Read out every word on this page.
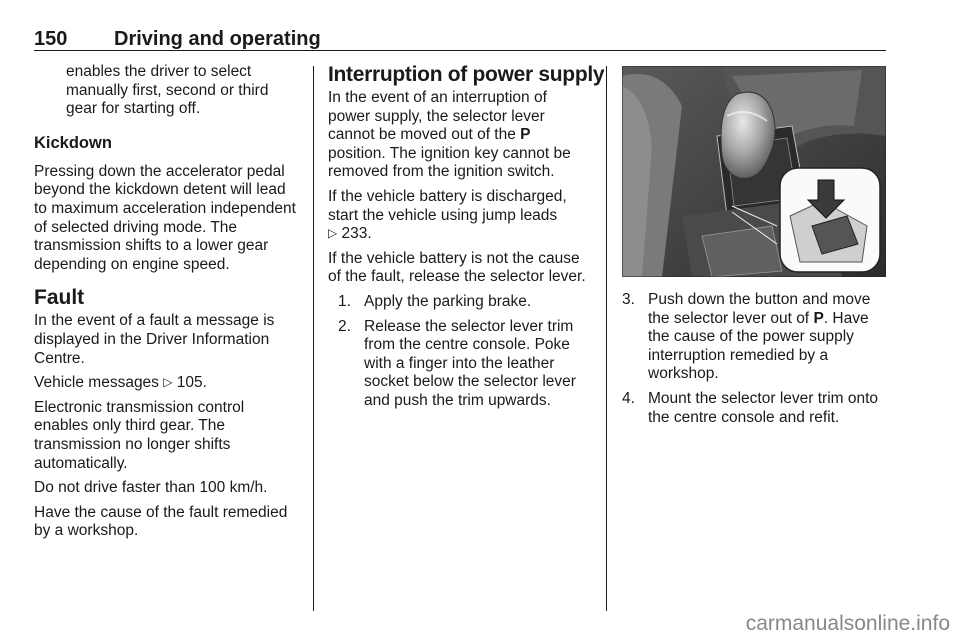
150 Driving and operating

enables the driver to select manually first, second or third gear for starting off.

Kickdown

Pressing down the accelerator pedal beyond the kickdown detent will lead to maximum acceleration independent of selected driving mode. The transmission shifts to a lower gear depending on engine speed.

Fault

In the event of a fault a message is displayed in the Driver Information Centre.

Vehicle messages ▷ 105.

Electronic transmission control enables only third gear. The transmission no longer shifts automatically.

Do not drive faster than 100 km/h.

Have the cause of the fault remedied by a workshop.

Interruption of power supply

In the event of an interruption of power supply, the selector lever cannot be moved out of the P position. The ignition key cannot be removed from the ignition switch.

If the vehicle battery is discharged, start the vehicle using jump leads
▷ 233.

If the vehicle battery is not the cause of the fault, release the selector lever.

1. Apply the parking brake.
2. Release the selector lever trim from the centre console. Poke with a finger into the leather socket below the selector lever and push the trim upwards.
3. Push down the button and move the selector lever out of P. Have the cause of the power supply interruption remedied by a workshop.
4. Mount the selector lever trim onto the centre console and refit.
carmanualsonline.info
